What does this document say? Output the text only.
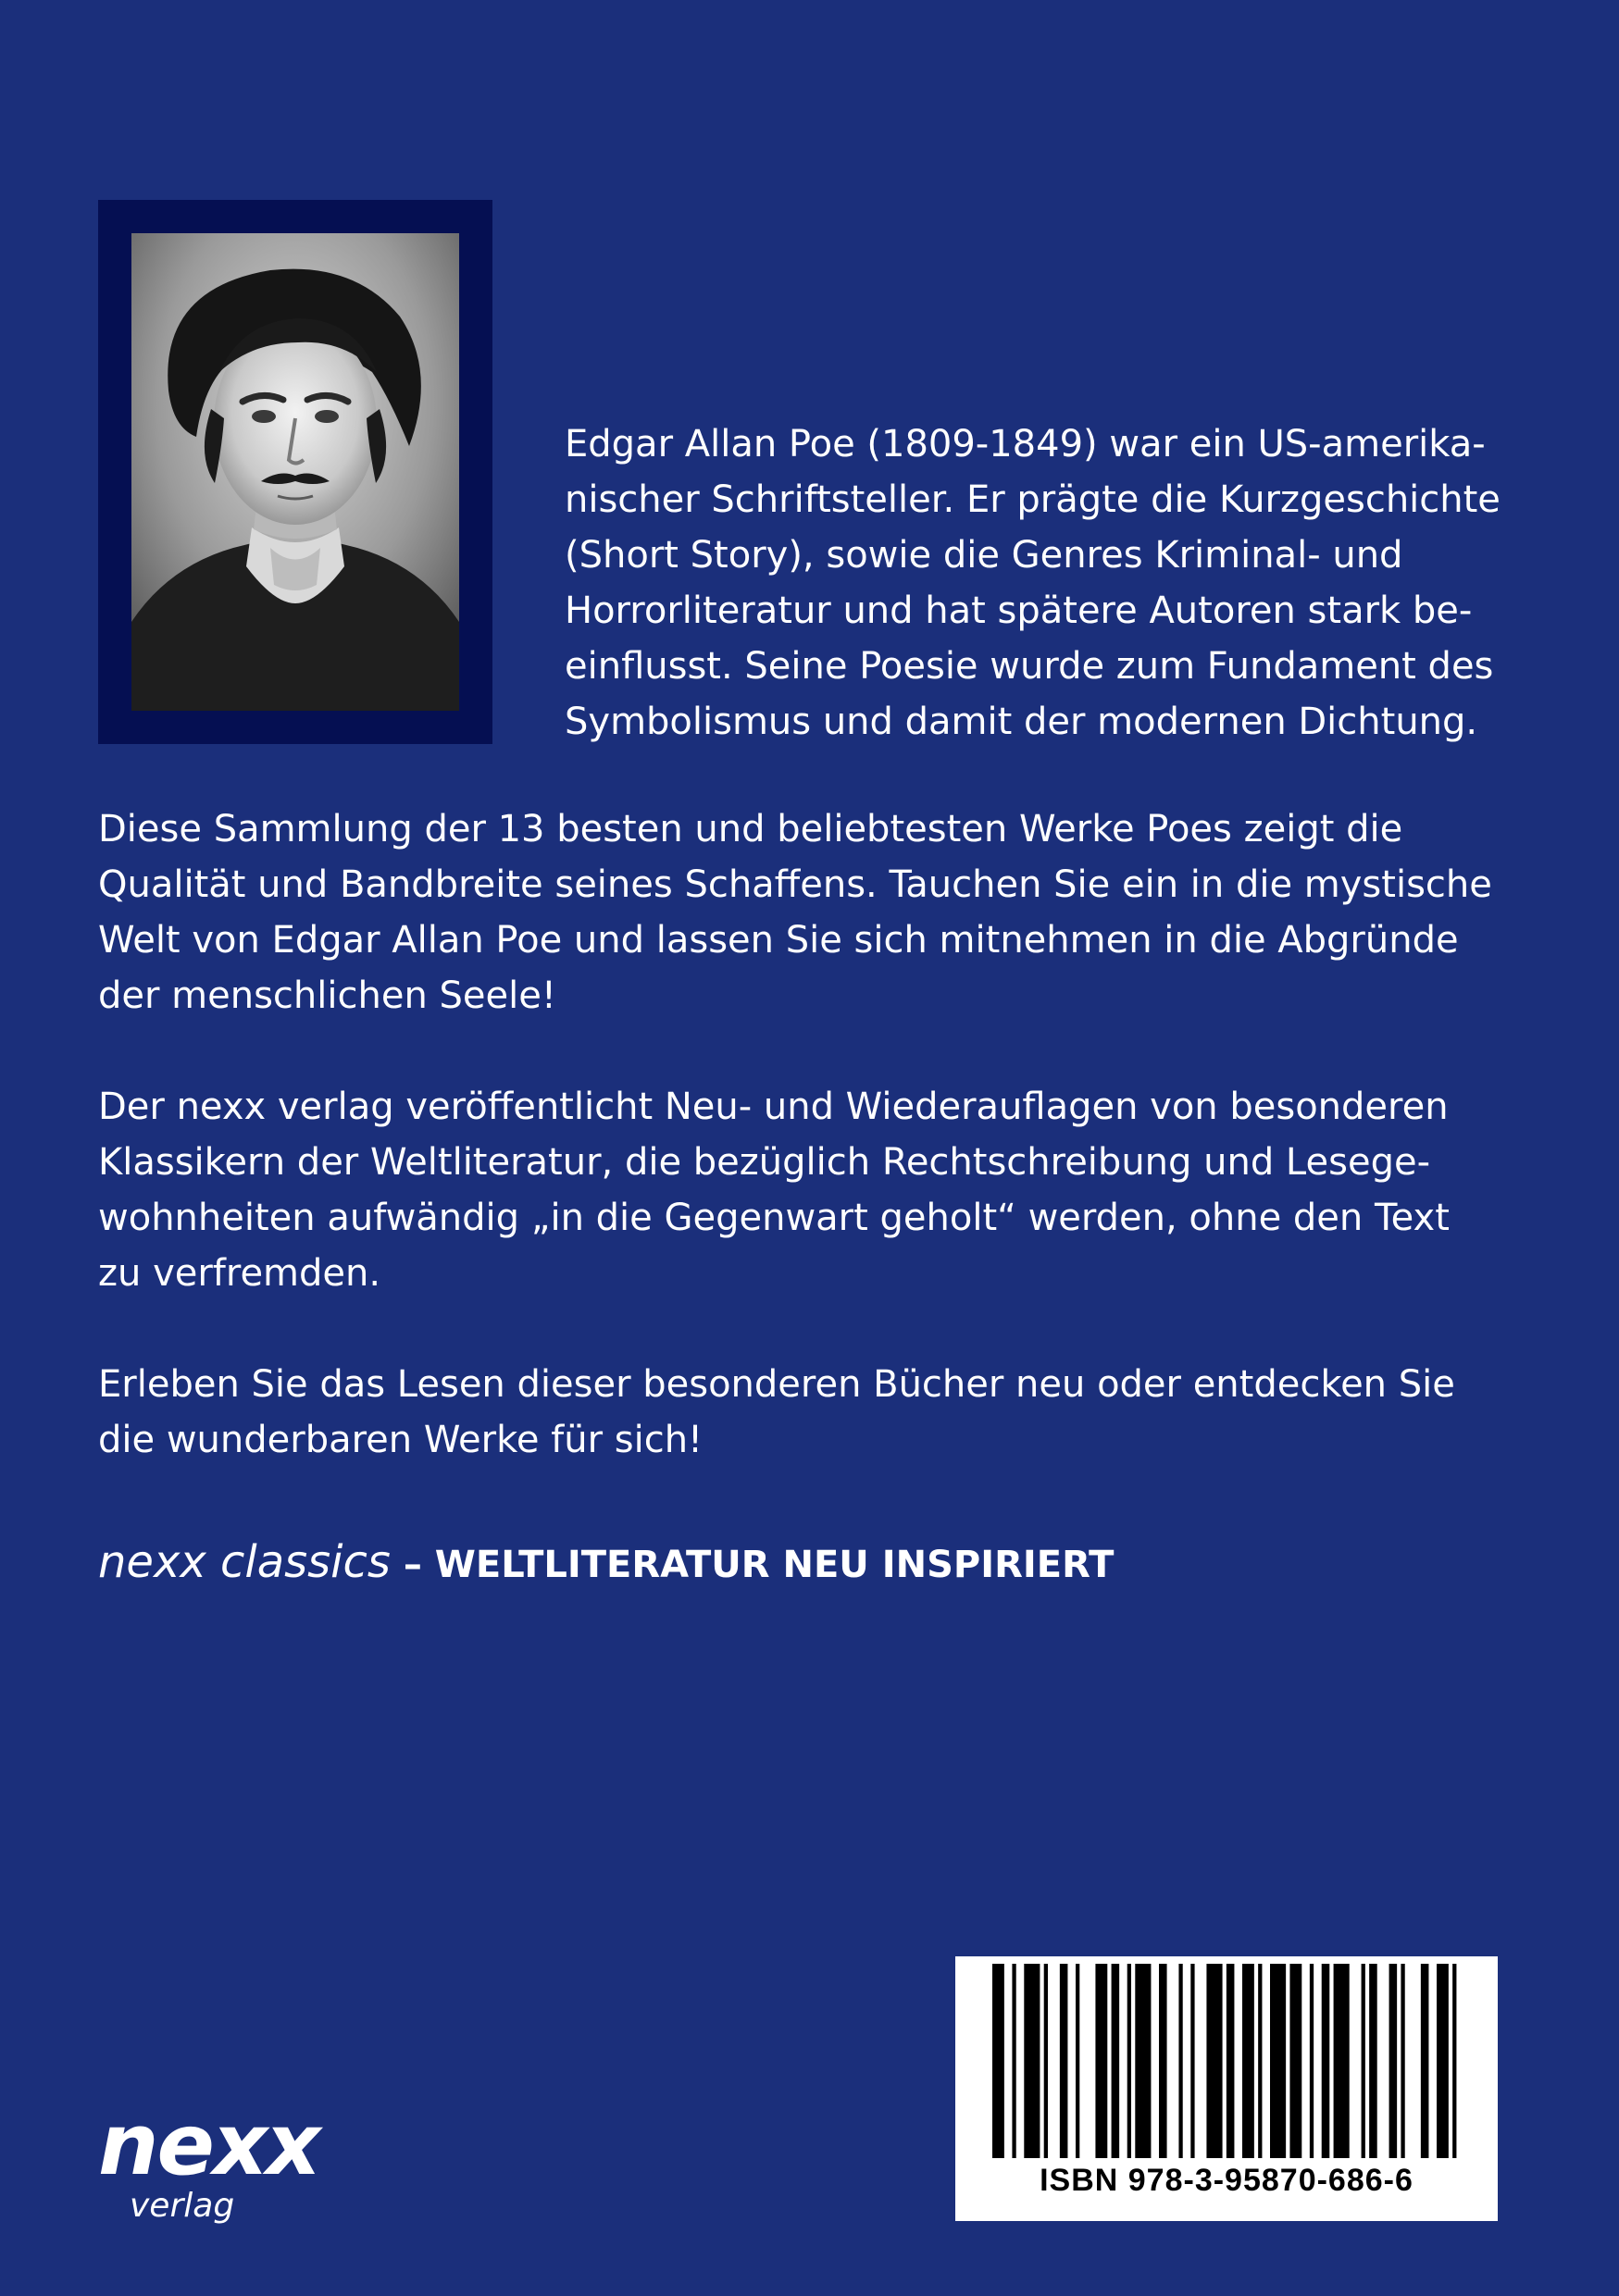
Edgar Allan Poe (1809-1849) war ein US-amerika-
nischer Schriftsteller. Er prägte die Kurzgeschichte
(Short Story), sowie die Genres Kriminal- und
Horrorliteratur und hat spätere Autoren stark be-
einflusst. Seine Poesie wurde zum Fundament des
Symbolismus und damit der modernen Dichtung.
Diese Sammlung der 13 besten und beliebtesten Werke Poes zeigt die
Qualität und Bandbreite seines Schaffens. Tauchen Sie ein in die mystische
Welt von Edgar Allan Poe und lassen Sie sich mitnehmen in die Abgründe
der menschlichen Seele!
Der nexx verlag veröffentlicht Neu- und Wiederauflagen von besonderen
Klassikern der Weltliteratur, die bezüglich Rechtschreibung und Lesege-
wohnheiten aufwändig „in die Gegenwart geholt“ werden, ohne den Text
zu verfremden.
Erleben Sie das Lesen dieser besonderen Bücher neu oder entdecken Sie
die wunderbaren Werke für sich!
nexx classics – WELTLITERATUR NEU INSPIRIERT
nexx
verlag
ISBN 978-3-95870-686-6
